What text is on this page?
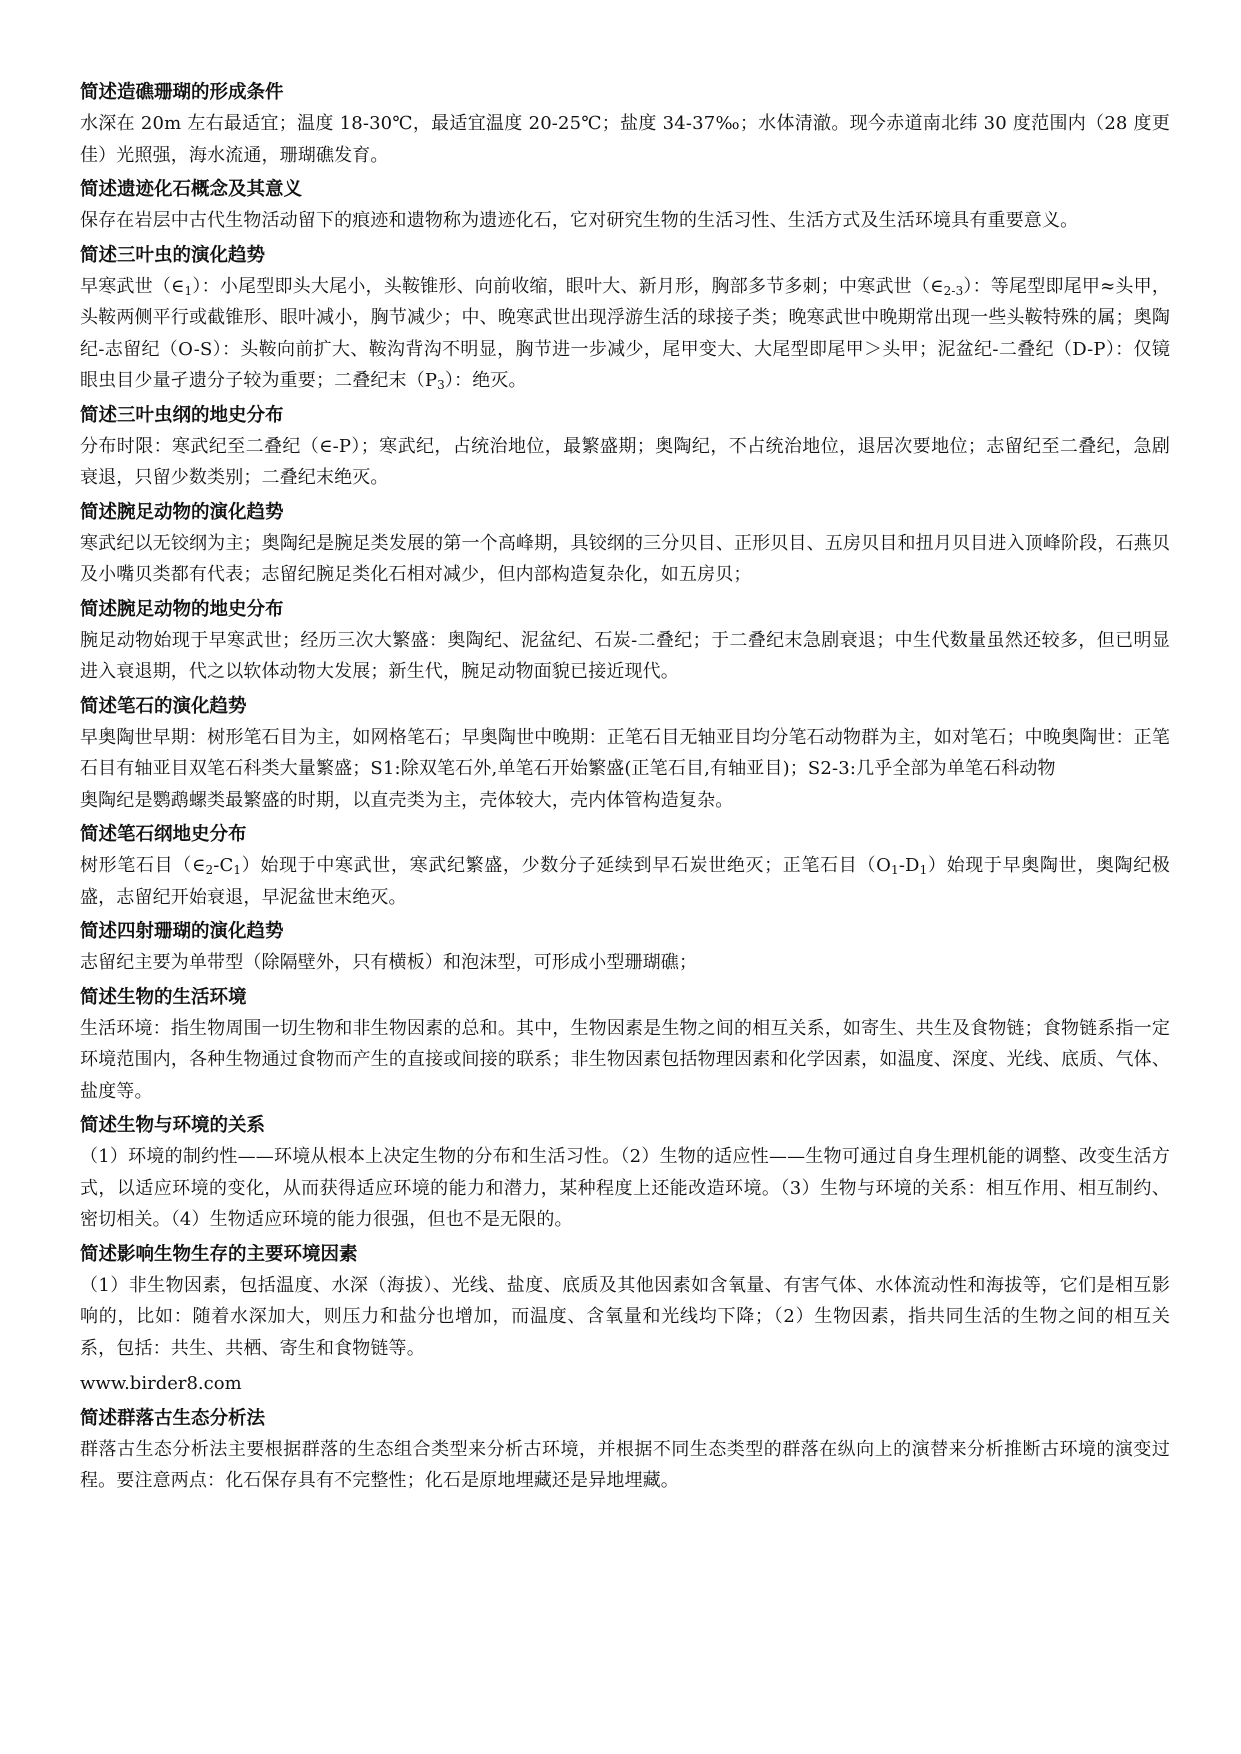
简述造礁珊瑚的形成条件

水深在 20m 左右最适宜；温度 18-30℃，最适宜温度 20-25℃；盐度 34-37‰；水体清澈。现今赤道南北纬 30 度范围内（28 度更佳）光照强，海水流通，珊瑚礁发育。

简述遗迹化石概念及其意义

保存在岩层中古代生物活动留下的痕迹和遗物称为遗迹化石，它对研究生物的生活习性、生活方式及生活环境具有重要意义。

简述三叶虫的演化趋势

早寒武世$(\in_1)$：小尾型即头大尾小，头鞍锥形、向前收缩，眼叶大、新月形，胸部多节多刺；中寒武世$(\in_{2-3})$：等尾型即尾甲≈头甲，头鞍两侧平行或截锥形、眼叶减小，胸节减少；中、晚寒武世出现浮游生活的球接子类；晚寒武世中晚期常出现一些头鞍特殊的属；奥陶纪-志留纪（O-S）：头鞍向前扩大、鞍沟背沟不明显，胸节进一步减少，尾甲变大、大尾型即尾甲＞头甲；泥盆纪-二叠纪（D-P）：仅镜眼虫目少量孑遗分子较为重要；二叠纪末$(P_3)$：绝灭。

简述三叶虫纲的地史分布

分布时限：寒武纪至二叠纪（∈-P）；寒武纪，占统治地位，最繁盛期；奥陶纪，不占统治地位，退居次要地位；志留纪至二叠纪，急剧衰退，只留少数类别；二叠纪末绝灭。

简述腕足动物的演化趋势

寒武纪以无铰纲为主；奥陶纪是腕足类发展的第一个高峰期，具铰纲的三分贝目、正形贝目、五房贝目和扭月贝目进入顶峰阶段，石燕贝及小嘴贝类都有代表；志留纪腕足类化石相对减少，但内部构造复杂化，如五房贝；

简述腕足动物的地史分布

腕足动物始现于早寒武世；经历三次大繁盛：奥陶纪、泥盆纪、石炭-二叠纪；于二叠纪末急剧衰退；中生代数量虽然还较多，但已明显进入衰退期，代之以软体动物大发展；新生代，腕足动物面貌已接近现代。

简述笔石的演化趋势

早奥陶世早期：树形笔石目为主，如网格笔石；早奥陶世中晚期：正笔石目无轴亚目均分笔石动物群为主，如对笔石；中晚奥陶世：正笔石目有轴亚目双笔石科类大量繁盛；S1:除双笔石外,单笔石开始繁盛(正笔石目,有轴亚目)；S2-3:几乎全部为单笔石科动物

奥陶纪是鹦鹉螺类最繁盛的时期，以直壳类为主，壳体较大，壳内体管构造复杂。

简述笔石纲地史分布

树形笔石目$(\in_2-C_1)$始现于中寒武世，寒武纪繁盛，少数分子延续到早石炭世绝灭；正笔石目$(O_1-D_1)$始现于早奥陶世，奥陶纪极盛，志留纪开始衰退，早泥盆世末绝灭。

简述四射珊瑚的演化趋势

志留纪主要为单带型（除隔壁外，只有横板）和泡沫型，可形成小型珊瑚礁；

简述生物的生活环境

生活环境：指生物周围一切生物和非生物因素的总和。其中，生物因素是生物之间的相互关系，如寄生、共生及食物链；食物链系指一定环境范围内，各种生物通过食物而产生的直接或间接的联系；非生物因素包括物理因素和化学因素，如温度、深度、光线、底质、气体、盐度等。

简述生物与环境的关系

（1）环境的制约性——环境从根本上决定生物的分布和生活习性。（2）生物的适应性——生物可通过自身生理机能的调整、改变生活方式，以适应环境的变化，从而获得适应环境的能力和潜力，某种程度上还能改造环境。（3）生物与环境的关系：相互作用、相互制约、密切相关。（4）生物适应环境的能力很强，但也不是无限的。

简述影响生物生存的主要环境因素

（1）非生物因素，包括温度、水深（海拔）、光线、盐度、底质及其他因素如含氧量、有害气体、水体流动性和海拔等，它们是相互影响的，比如：随着水深加大，则压力和盐分也增加，而温度、含氧量和光线均下降；（2）生物因素，指共同生活的生物之间的相互关系，包括：共生、共栖、寄生和食物链等。

www.birder8.com
简述群落古生态分析法

群落古生态分析法主要根据群落的生态组合类型来分析古环境，并根据不同生态类型的群落在纵向上的演替来分析推断古环境的演变过程。要注意两点：化石保存具有不完整性；化石是原地埋藏还是异地埋藏。
